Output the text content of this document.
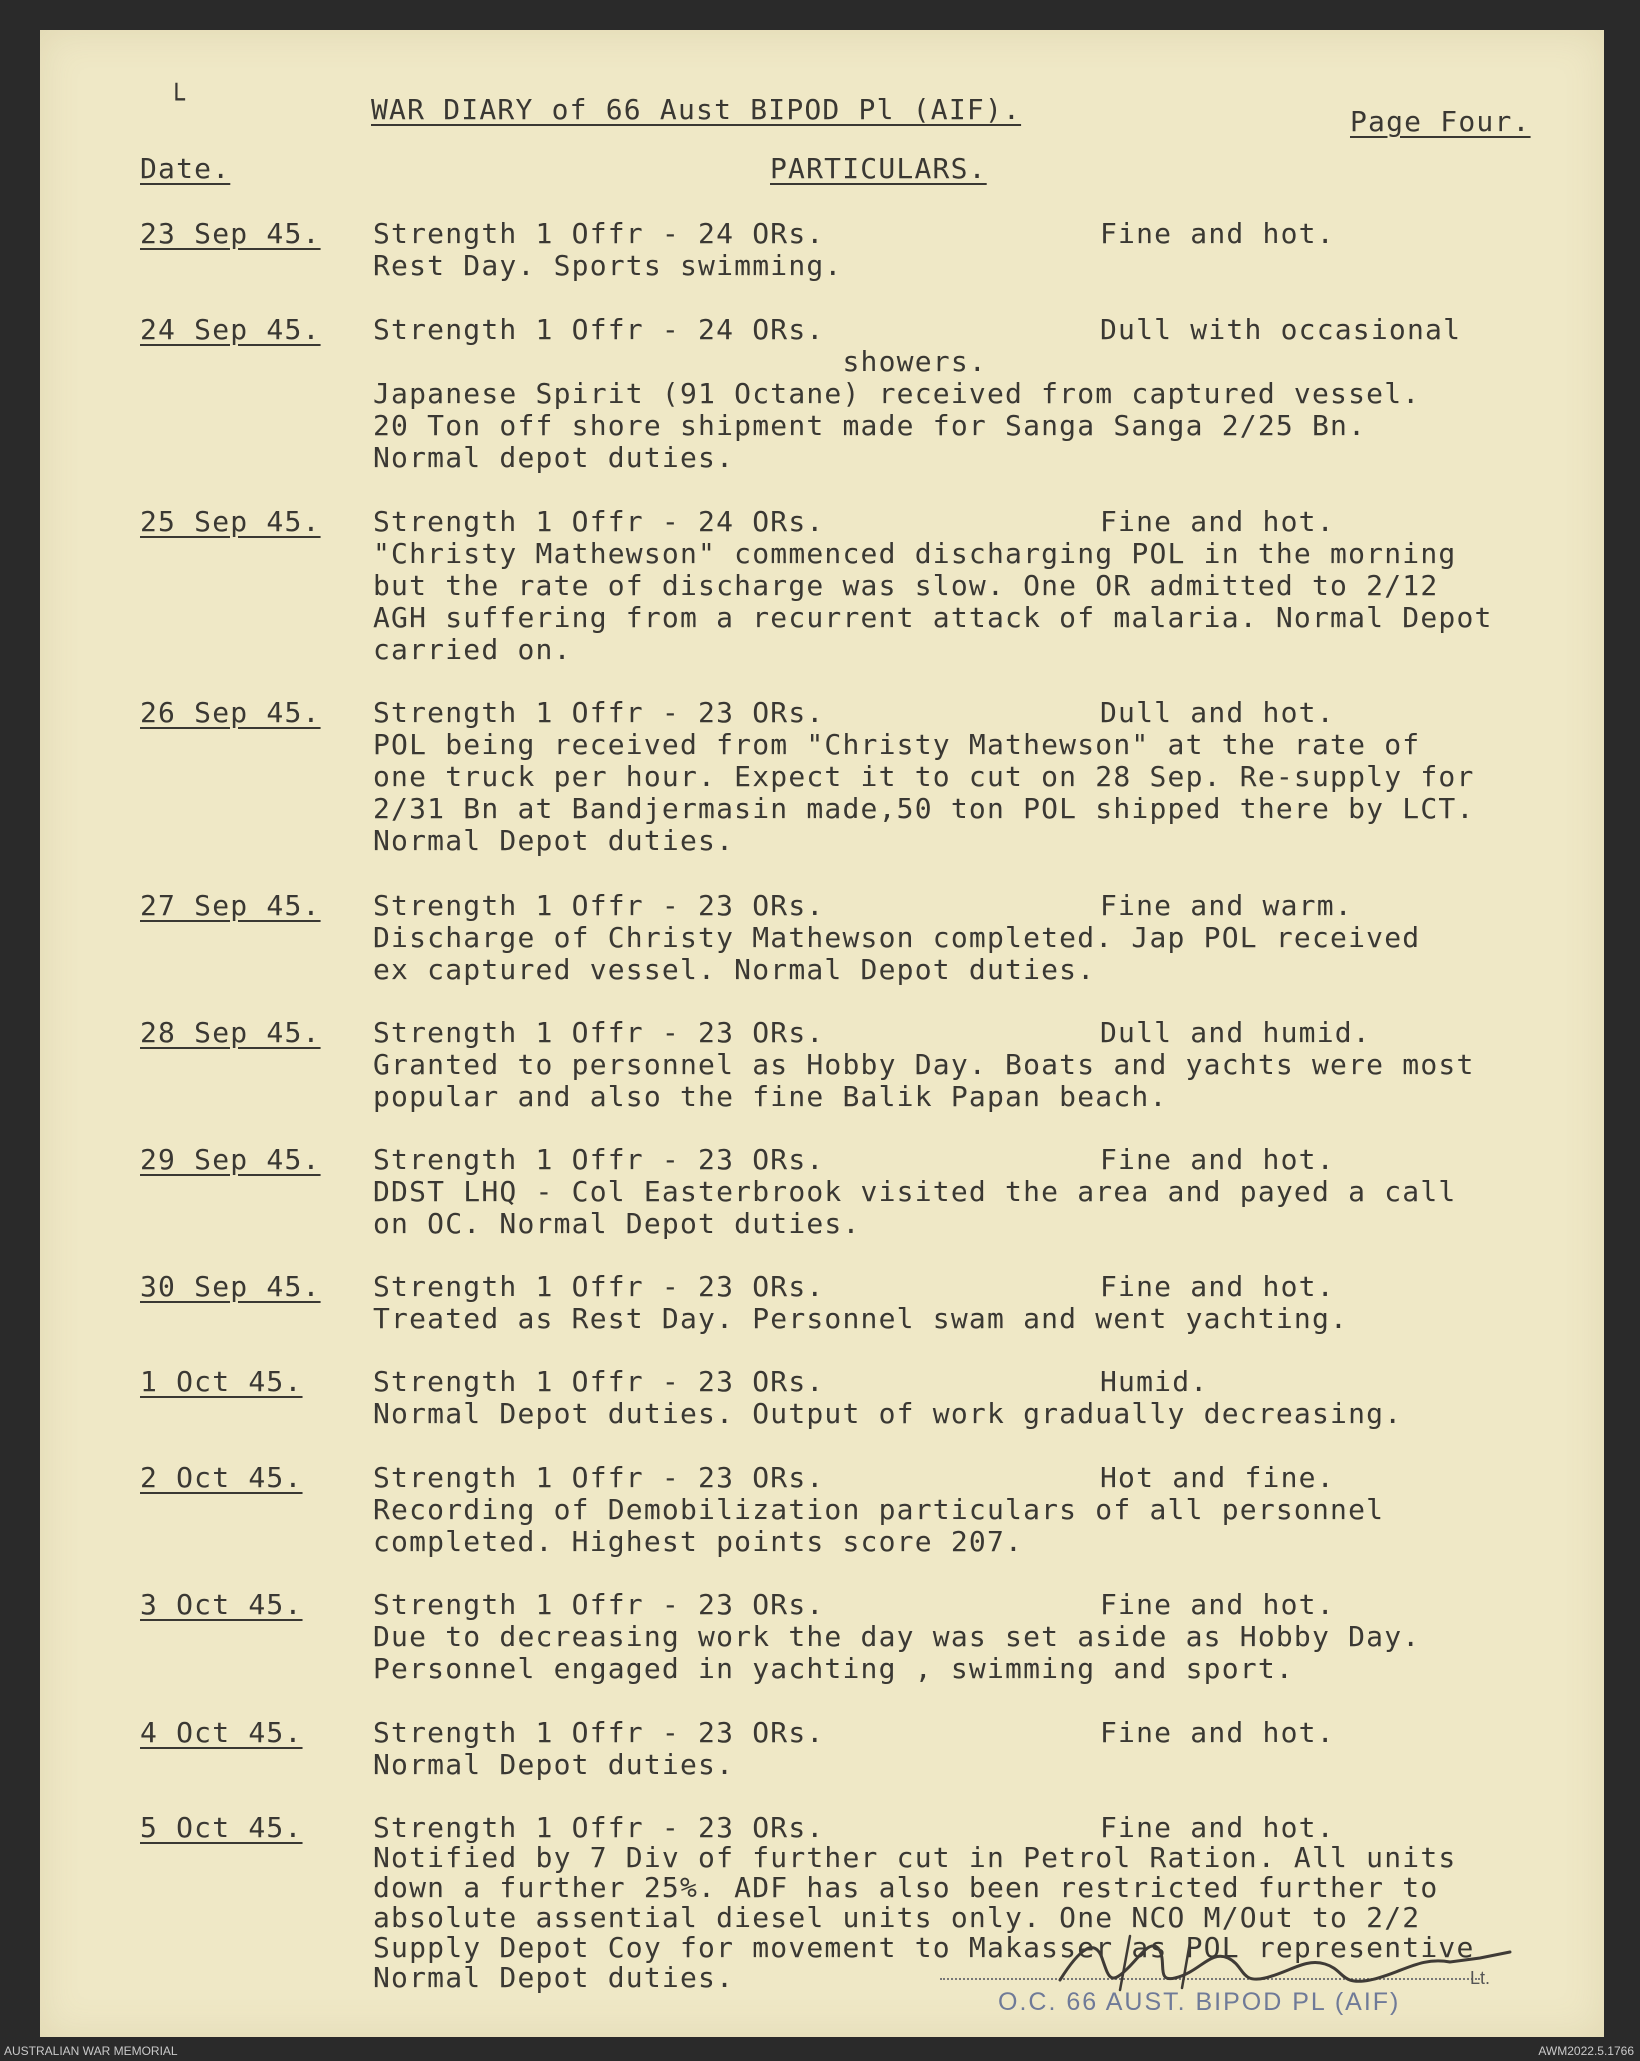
└	WAR DIARY of 66 Aust BIPOD Pl (AIF).	Page Four.
Date.	PARTICULARS.
23 Sep 45. Strength 1 Offr - 24 ORs.	Fine and hot.
Rest Day. Sports swimming.
24 Sep 45. Strength 1 Offr - 24 ORs.	Dull with occasional
showers.
Japanese Spirit (91 Octane) received from captured vessel.
20 Ton off shore shipment made for Sanga Sanga 2/25 Bn.
Normal depot duties.
25 Sep 45. Strength 1 Offr - 24 ORs.	Fine and hot.
"Christy Mathewson" commenced discharging POL in the morning
but the rate of discharge was slow. One OR admitted to 2/12
AGH suffering from a recurrent attack of malaria. Normal Depot
carried on.
26 Sep 45. Strength 1 Offr - 23 ORs.	Dull and hot.
POL being received from "Christy Mathewson" at the rate of
one truck per hour. Expect it to cut on 28 Sep. Re-supply for
2/31 Bn at Bandjermasin made,50 ton POL shipped there by LCT.
Normal Depot duties.
27 Sep 45. Strength 1 Offr - 23 ORs.	Fine and warm.
Discharge of Christy Mathewson completed. Jap POL received
ex captured vessel. Normal Depot duties.
28 Sep 45. Strength 1 Offr - 23 ORs.	Dull and humid.
Granted to personnel as Hobby Day. Boats and yachts were most
popular and also the fine Balik Papan beach.
29 Sep 45. Strength 1 Offr - 23 ORs.	Fine and hot.
DDST LHQ - Col Easterbrook visited the area and payed a call
on OC. Normal Depot duties.
30 Sep 45. Strength 1 Offr - 23 ORs.	Fine and hot.
Treated as Rest Day. Personnel swam and went yachting.
1 Oct 45.	Strength 1 Offr - 23 ORs.	Humid.
Normal Depot duties. Output of work gradually decreasing.
2 Oct 45.	Strength 1 Offr - 23 ORs.	Hot and fine.
Recording of Demobilization particulars of all personnel
completed. Highest points score 207.
3 Oct 45.	Strength 1 Offr - 23 ORs.	Fine and hot.
Due to decreasing work the day was set aside as Hobby Day.
Personnel engaged in yachting , swimming and sport.
4 Oct 45.	Strength 1 Offr - 23 ORs.	Fine and hot.
Normal Depot duties.
5 Oct 45.	Strength 1 Offr - 23 ORs.	Fine and hot.
Notified by 7 Div of further cut in Petrol Ration. All units
down a further 25%. ADF has also been restricted further to
absolute assential diesel units only. One NCO M/Out to 2/2
Supply Depot Coy for movement to Makasser as POL representive
Normal Depot duties.	Lt.
O.C. 66 AUST. BIPOD PL (AIF)
AUSTRALIAN WAR MEMORIAL	AWM2022.5.1766
